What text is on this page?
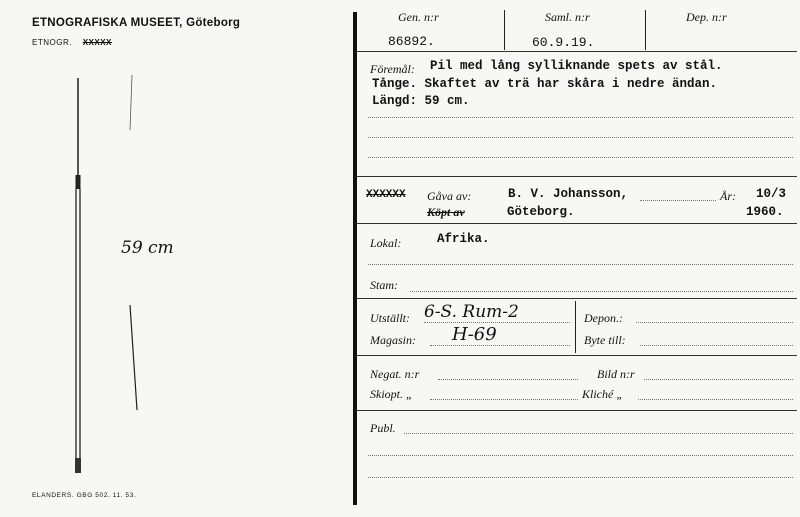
ETNOGRAFISKA MUSEET, Göteborg
ETNOGR. XXXXX
59 cm
ELANDERS. GBG 502. 11. 53.
Gen. n:r	Saml. n:r	Dep. n:r
86892.	60.9.19.
Föremål: Pil med lång sylliknande spets av stål.
Tånge. Skaftet av trä har skåra i nedre ändan.
Längd: 59 cm.
XXXXXX Gåva av:	B. V. Johansson,	År: 10/3
Köpt av	Göteborg.	1960.
Lokal:	Afrika.
Stam:
Utställt: 6-S. Rum-2
Magasin: H-69
Depon.:
Byte till:
Negat. n:r	Bild n:r
Skiopt. „	Kliché „
Publ.
